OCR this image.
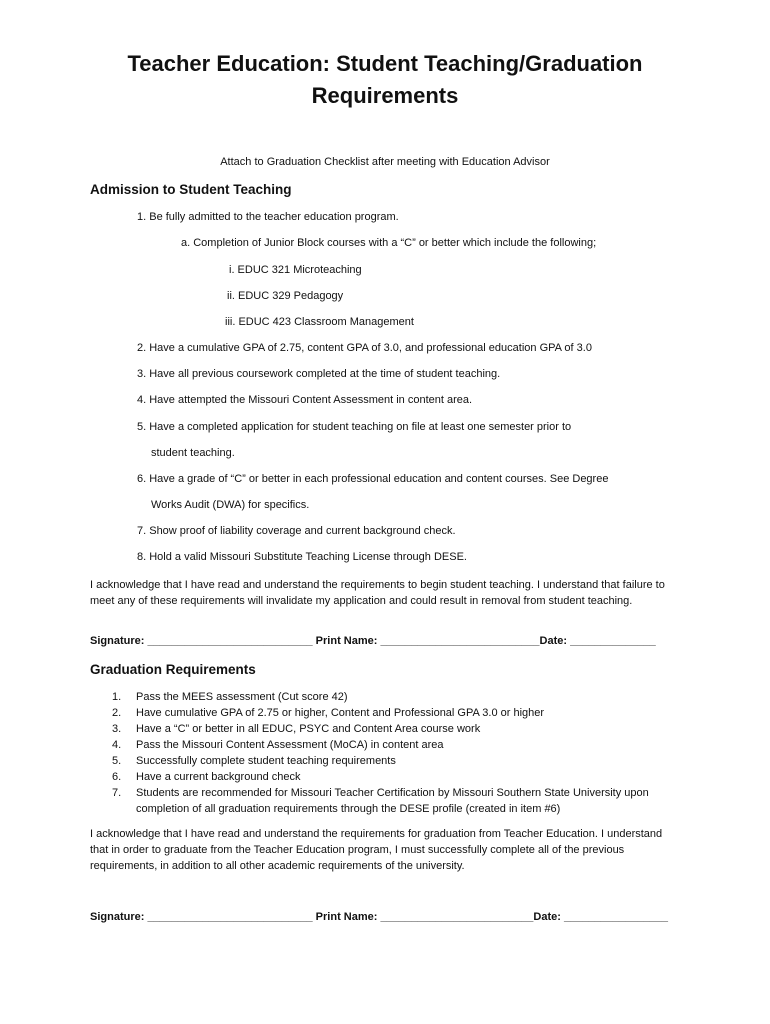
Teacher Education: Student Teaching/Graduation Requirements
Attach to Graduation Checklist after meeting with Education Advisor
Admission to Student Teaching
1. Be fully admitted to the teacher education program.
a. Completion of Junior Block courses with a “C” or better which include the following;
i. EDUC 321 Microteaching
ii. EDUC 329 Pedagogy
iii. EDUC 423 Classroom Management
2. Have a cumulative GPA of 2.75, content GPA of 3.0, and professional education GPA of 3.0
3. Have all previous coursework completed at the time of student teaching.
4. Have attempted the Missouri Content Assessment in content area.
5. Have a completed application for student teaching on file at least one semester prior to
student teaching.
6. Have a grade of “C” or better in each professional education and content courses. See Degree
Works Audit (DWA) for specifics.
7. Show proof of liability coverage and current background check.
8. Hold a valid Missouri Substitute Teaching License through DESE.
I acknowledge that I have read and understand the requirements to begin student teaching. I understand that failure to meet any of these requirements will invalidate my application and could result in removal from student teaching.
Signature: ___________________________ Print Name: __________________________Date: ______________
Graduation Requirements
1.	Pass the MEES assessment (Cut score 42)
2.	Have cumulative GPA of 2.75 or higher, Content and Professional GPA 3.0 or higher
3.	Have a “C” or better in all EDUC, PSYC and Content Area course work
4.	Pass the Missouri Content Assessment (MoCA) in content area
5.	Successfully complete student teaching requirements
6.	Have a current background check
7.	Students are recommended for Missouri Teacher Certification by Missouri Southern State University upon completion of all graduation requirements through the DESE profile (created in item #6)
I acknowledge that I have read and understand the requirements for graduation from Teacher Education. I understand that in order to graduate from the Teacher Education program, I must successfully complete all of the previous requirements, in addition to all other academic requirements of the university.
Signature: ___________________________ Print Name: _________________________Date: _________________
